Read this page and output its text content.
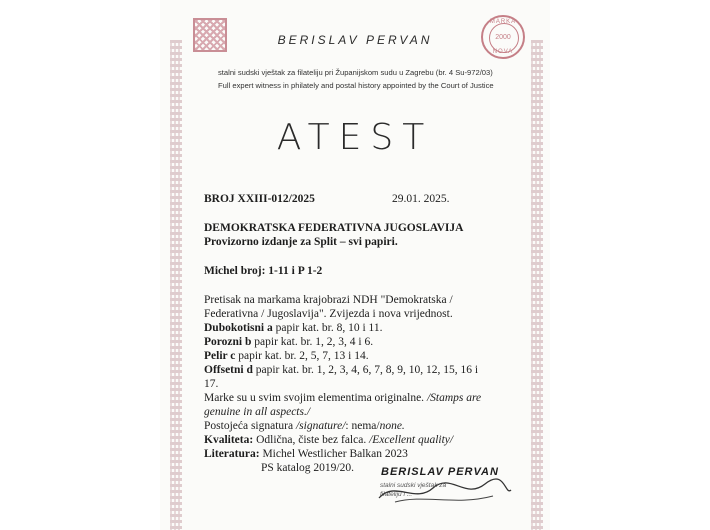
MARKA
2000
NOVA
BERISLAV PERVAN
stalni sudski vještak za filateliju pri Županijskom sudu u Zagrebu (br. 4 Su-972/03)
Full expert witness in philately and postal history appointed by the Court of Justice
ATEST
BROJ XXIII-012/2025	29.01. 2025.
DEMOKRATSKA FEDERATIVNA JUGOSLAVIJA
Provizorno izdanje za Split – svi papiri.
Michel broj: 1-11 i P 1-2
Pretisak na markama krajobrazi NDH "Demokratska /
Federativna / Jugoslavija". Zvijezda i nova vrijednost.
Dubokotisni a papir kat. br. 8, 10 i 11.
Porozni b papir kat. br. 1, 2, 3, 4 i 6.
Pelir c papir kat. br. 2, 5, 7, 13 i 14.
Offsetni d papir kat. br. 1, 2, 3, 4, 6, 7, 8, 9, 10, 12, 15, 16 i
17.
Marke su u svim svojim elementima originalne. /Stamps are
genuine in all aspects./
Postojeća signatura /signature/: nema/none.
Kvaliteta: Odlična, čiste bez falca. /Excellent quality/
Literatura: Michel Westlicher Balkan 2023
PS katalog 2019/20. BERISLAV PERVAN
stalni sudski vještak za
filateliju i ...
